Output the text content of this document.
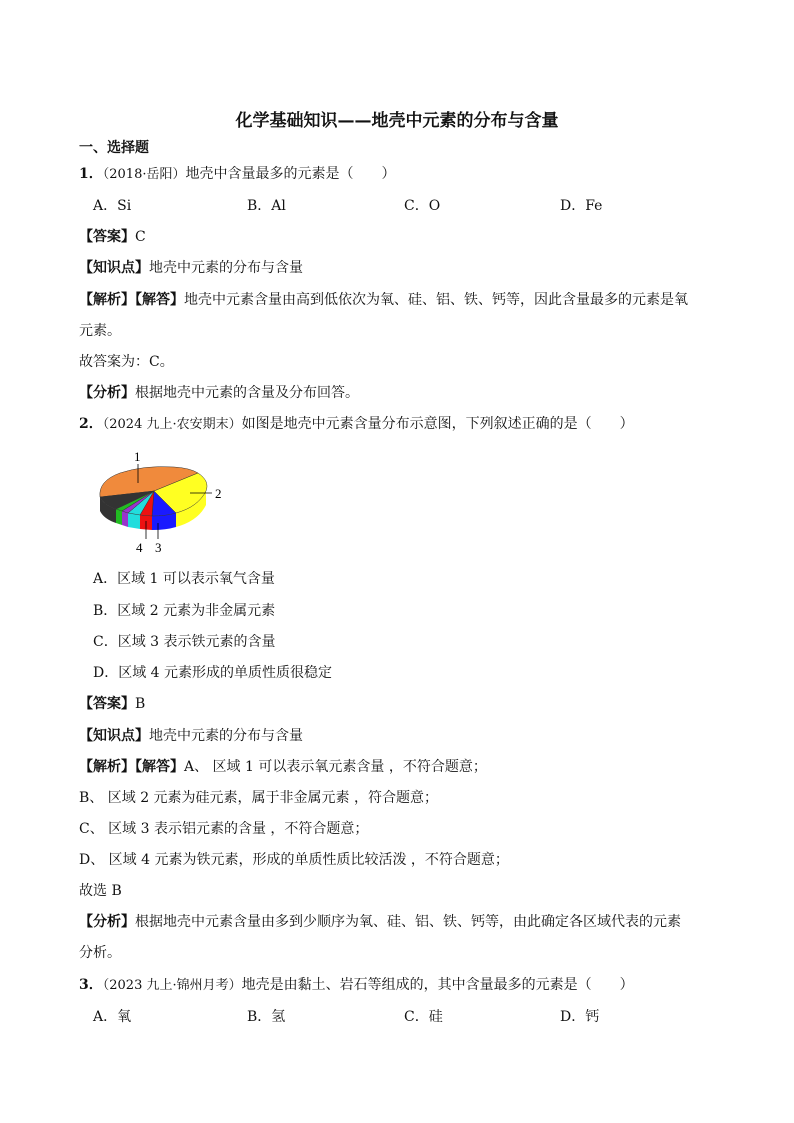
化学基础知识——地壳中元素的分布与含量
一、选择题
1．（2018·岳阳）地壳中含量最多的元素是（　　）
A．Si	B．Al	C．O	D．Fe
【答案】C
【知识点】地壳中元素的分布与含量
【解析】【解答】地壳中元素含量由高到低依次为氧、硅、铝、铁、钙等，因此含量最多的元素是氧
元素。
故答案为：C。
【分析】根据地壳中元素的含量及分布回答。
2．（2024 九上·农安期末）如图是地壳中元素含量分布示意图，下列叙述正确的是（　　）
1
2
3
4
A．区域 1 可以表示氧气含量
B．区域 2 元素为非金属元素
C．区域 3 表示铁元素的含量
D．区域 4 元素形成的单质性质很稳定
【答案】B
【知识点】地壳中元素的分布与含量
【解析】【解答】A、 区域 1 可以表示氧元素含量 ，不符合题意；
B、 区域 2 元素为硅元素，属于非金属元素 ，符合题意；
C、 区域 3 表示铝元素的含量 ，不符合题意；
D、 区域 4 元素为铁元素，形成的单质性质比较活泼 ，不符合题意；
故选 B
【分析】根据地壳中元素含量由多到少顺序为氧、硅、铝、铁、钙等，由此确定各区域代表的元素
分析。
3．（2023 九上·锦州月考）地壳是由黏土、岩石等组成的，其中含量最多的元素是（　　）
A．氧	B．氢	C．硅	D．钙
